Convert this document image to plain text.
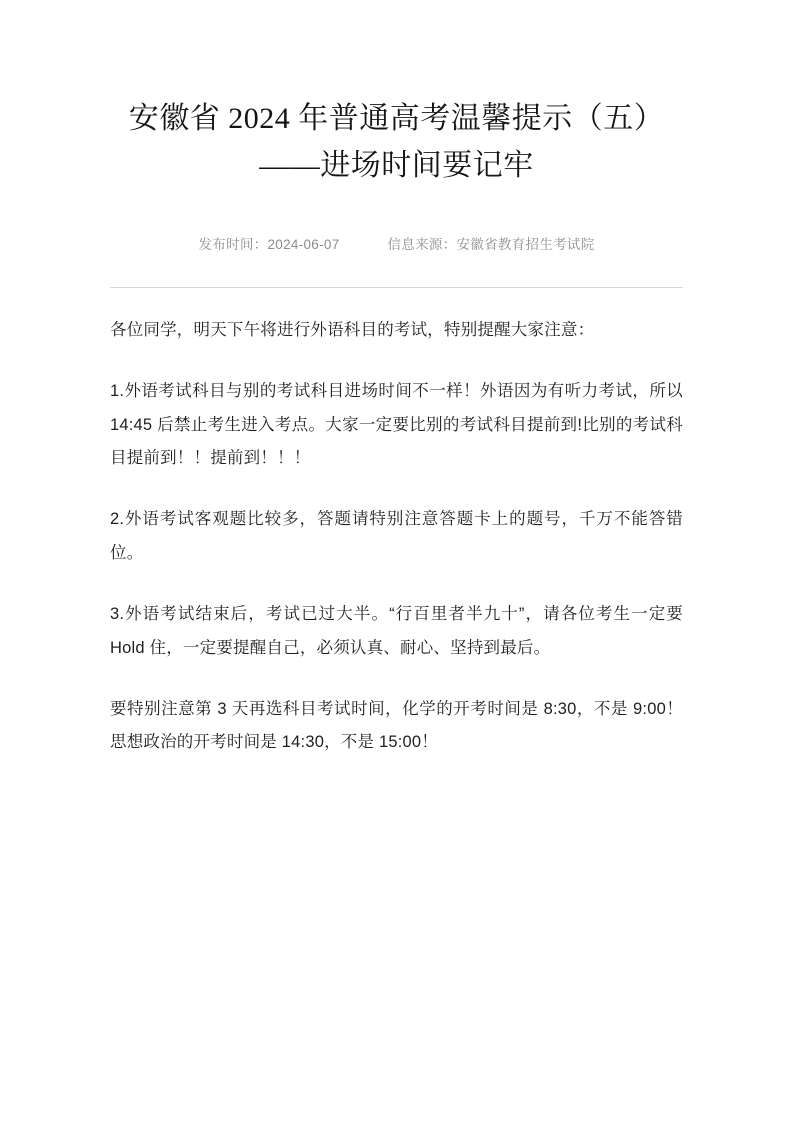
安徽省 2024 年普通高考温馨提示（五）
——进场时间要记牢
发布时间：2024-06-07	信息来源：安徽省教育招生考试院

各位同学，明天下午将进行外语科目的考试，特别提醒大家注意：

1.外语考试科目与别的考试科目进场时间不一样！外语因为有听力考试，所以 14:45 后禁止考生进入考点。大家一定要比别的考试科目提前到!比别的考试科目提前到！！提前到！！！

2.外语考试客观题比较多，答题请特别注意答题卡上的题号，千万不能答错位。

3.外语考试结束后，考试已过大半。“行百里者半九十”，请各位考生一定要 Hold 住，一定要提醒自己，必须认真、耐心、坚持到最后。

要特别注意第 3 天再选科目考试时间，化学的开考时间是 8:30，不是 9:00！思想政治的开考时间是 14:30，不是 15:00！
